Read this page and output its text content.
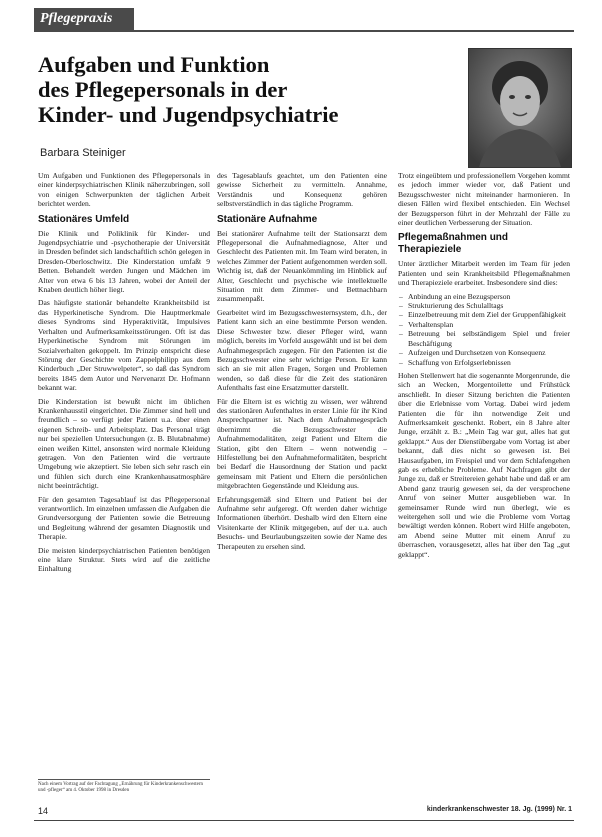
Pflegepraxis
Aufgaben und Funktion
des Pflegepersonals in der
Kinder- und Jugendpsychiatrie
Barbara Steiniger

Um Aufgaben und Funktionen des Pflegepersonals in einer kinderpsychiatrischen Klinik näherzubringen, soll von einigen Schwerpunkten der täglichen Arbeit berichtet werden.

Stationäres Umfeld

Die Klinik und Poliklinik für Kinder- und Jugendpsychiatrie und -psychotherapie der Universität in Dresden befindet sich landschaftlich schön gelegen in Dresden-Oberloschwitz. Die Kinderstation umfaßt 9 Betten. Behandelt werden Jungen und Mädchen im Alter von etwa 6 bis 13 Jahren, wobei der Anteil der Knaben deutlich höher liegt.

Das häufigste stationär behandelte Krankheitsbild ist das Hyperkinetische Syndrom. Die Hauptmerkmale dieses Syndroms sind Hyperaktivität, Impulsives Verhalten und Aufmerksamkeitsstörungen. Oft ist das Hyperkinetische Syndrom mit Störungen im Sozialverhalten gekoppelt. Im Prinzip entspricht diese Störung der Geschichte vom Zappelphilipp aus dem Kinderbuch „Der Struwwelpeter“, so daß das Syndrom bereits 1845 dem Autor und Nervenarzt Dr. Hofmann bekannt war.

Die Kinderstation ist bewußt nicht im üblichen Krankenhausstil eingerichtet. Die Zimmer sind hell und freundlich – so verfügt jeder Patient u.a. über einen eigenen Schreib- und Arbeitsplatz. Das Personal trägt nur bei speziellen Untersuchungen (z. B. Blutabnahme) einen weißen Kittel, ansonsten wird normale Kleidung getragen. Von den Patienten wird die vertraute Umgebung wie akzeptiert. Sie leben sich sehr rasch ein und fühlen sich durch eine Krankenhausatmosphäre nicht beeinträchtigt.

Für den gesamten Tagesablauf ist das Pflegepersonal verantwortlich. Im einzelnen umfassen die Aufgaben die Grundversorgung der Patienten sowie die Betreuung und Begleitung während der gesamten Diagnostik und Therapie.

Die meisten kinderpsychiatrischen Patienten benötigen eine klare Struktur. Stets wird auf die zeitliche Einhaltung

des Tagesablaufs geachtet, um den Patienten eine gewisse Sicherheit zu vermitteln. Annahme, Verständnis und Konsequenz gehören selbstverständlich in das tägliche Programm.

Stationäre Aufnahme

Bei stationärer Aufnahme teilt der Stationsarzt dem Pflegepersonal die Aufnahmediagnose, Alter und Geschlecht des Patienten mit. Im Team wird beraten, in welches Zimmer der Patient aufgenommen werden soll. Wichtig ist, daß der Neuankömmling im Hinblick auf Alter, Geschlecht und psychische wie intellektuelle Situation mit dem Zimmer- und Bettnachbarn zusammenpaßt.

Gearbeitet wird im Bezugsschwesternsystem, d.h., der Patient kann sich an eine bestimmte Person wenden. Diese Schwester bzw. dieser Pfleger wird, wann möglich, bereits im Vorfeld ausgewählt und ist bei dem Aufnahmegespräch zugegen. Für den Patienten ist die Bezugsschwester eine sehr wichtige Person. Er kann sich an sie mit allen Fragen, Sorgen und Problemen wenden, so daß diese für die Zeit des stationären Aufenthalts fast eine Ersatzmutter darstellt.

Für die Eltern ist es wichtig zu wissen, wer während des stationären Aufenthaltes in erster Linie für ihr Kind Ansprechpartner ist. Nach dem Aufnahmegespräch übernimmt die Bezugsschwester die Aufnahmemodalitäten, zeigt Patient und Eltern die Station, gibt den Eltern – wenn notwendig – Hilfestellung bei den Aufnahmeformalitäten, bespricht bei Bedarf die Hausordnung der Station und packt gemeinsam mit Patient und Eltern die persönlichen mitgebrachten Gegenstände und Kleidung aus.

Erfahrungsgemäß sind Eltern und Patient bei der Aufnahme sehr aufgeregt. Oft werden daher wichtige Informationen überhört. Deshalb wird den Eltern eine Visitenkarte der Klinik mitgegeben, auf der u.a. auch Besuchs- und Beurlaubungszeiten sowie der Name des Therapeuten zu ersehen sind.

Trotz eingeübtem und professionellem Vorgehen kommt es jedoch immer wieder vor, daß Patient und Bezugsschwester nicht miteinander harmonieren. In diesen Fällen wird flexibel entschieden. Ein Wechsel der Bezugsperson führt in der Mehrzahl der Fälle zu einer deutlichen Verbesserung der Situation.

Pflegemaßnahmen und Therapieziele

Unter ärztlicher Mitarbeit werden im Team für jeden Patienten und sein Krankheitsbild Pflegemaßnahmen und Therapieziele erarbeitet. Insbesondere sind dies:

– Anbindung an eine Bezugsperson
– Strukturierung des Schulalltags
– Einzelbetreuung mit dem Ziel der Gruppenfähigkeit
– Verhaltensplan
– Betreuung bei selbständigem Spiel und freier Beschäftigung
– Aufzeigen und Durchsetzen von Konsequenz
– Schaffung von Erfolgserlebnissen

Hohen Stellenwert hat die sogenannte Morgenrunde, die sich an Wecken, Morgentoilette und Frühstück anschließt. In dieser Sitzung berichten die Patienten über die Erlebnisse vom Vortag. Dabei wird jedem Patienten die für ihn notwendige Zeit und Aufmerksamkeit geschenkt. Robert, ein 8 Jahre alter Junge, erzählt z. B.: „Mein Tag war gut, alles hat gut geklappt.“ Aus der Dienstübergabe vom Vortag ist aber bekannt, daß dies nicht so gewesen ist. Bei Hausaufgaben, im Freispiel und vor dem Schlafengehen gab es erhebliche Probleme. Auf Nachfragen gibt der Junge zu, daß er Streitereien gehabt habe und daß er am Abend ganz traurig gewesen sei, da der versprochene Anruf von seiner Mutter ausgeblieben war. In gemeinsamer Runde wird nun überlegt, wie es weitergehen soll und wie die Probleme vom Vortag bewältigt werden können. Robert wird Hilfe angeboten, am Abend seine Mutter mit einem Anruf zu überraschen, vorausgesetzt, alles hat über den Tag „gut geklappt“.

Nach einem Vortrag auf der Fachtagung „Ernährung für Kinderkrankenschwestern und -pfleger“ am 4. Oktober 1998 in Dresden
14	kinderkrankenschwester 18. Jg. (1999) Nr. 1
